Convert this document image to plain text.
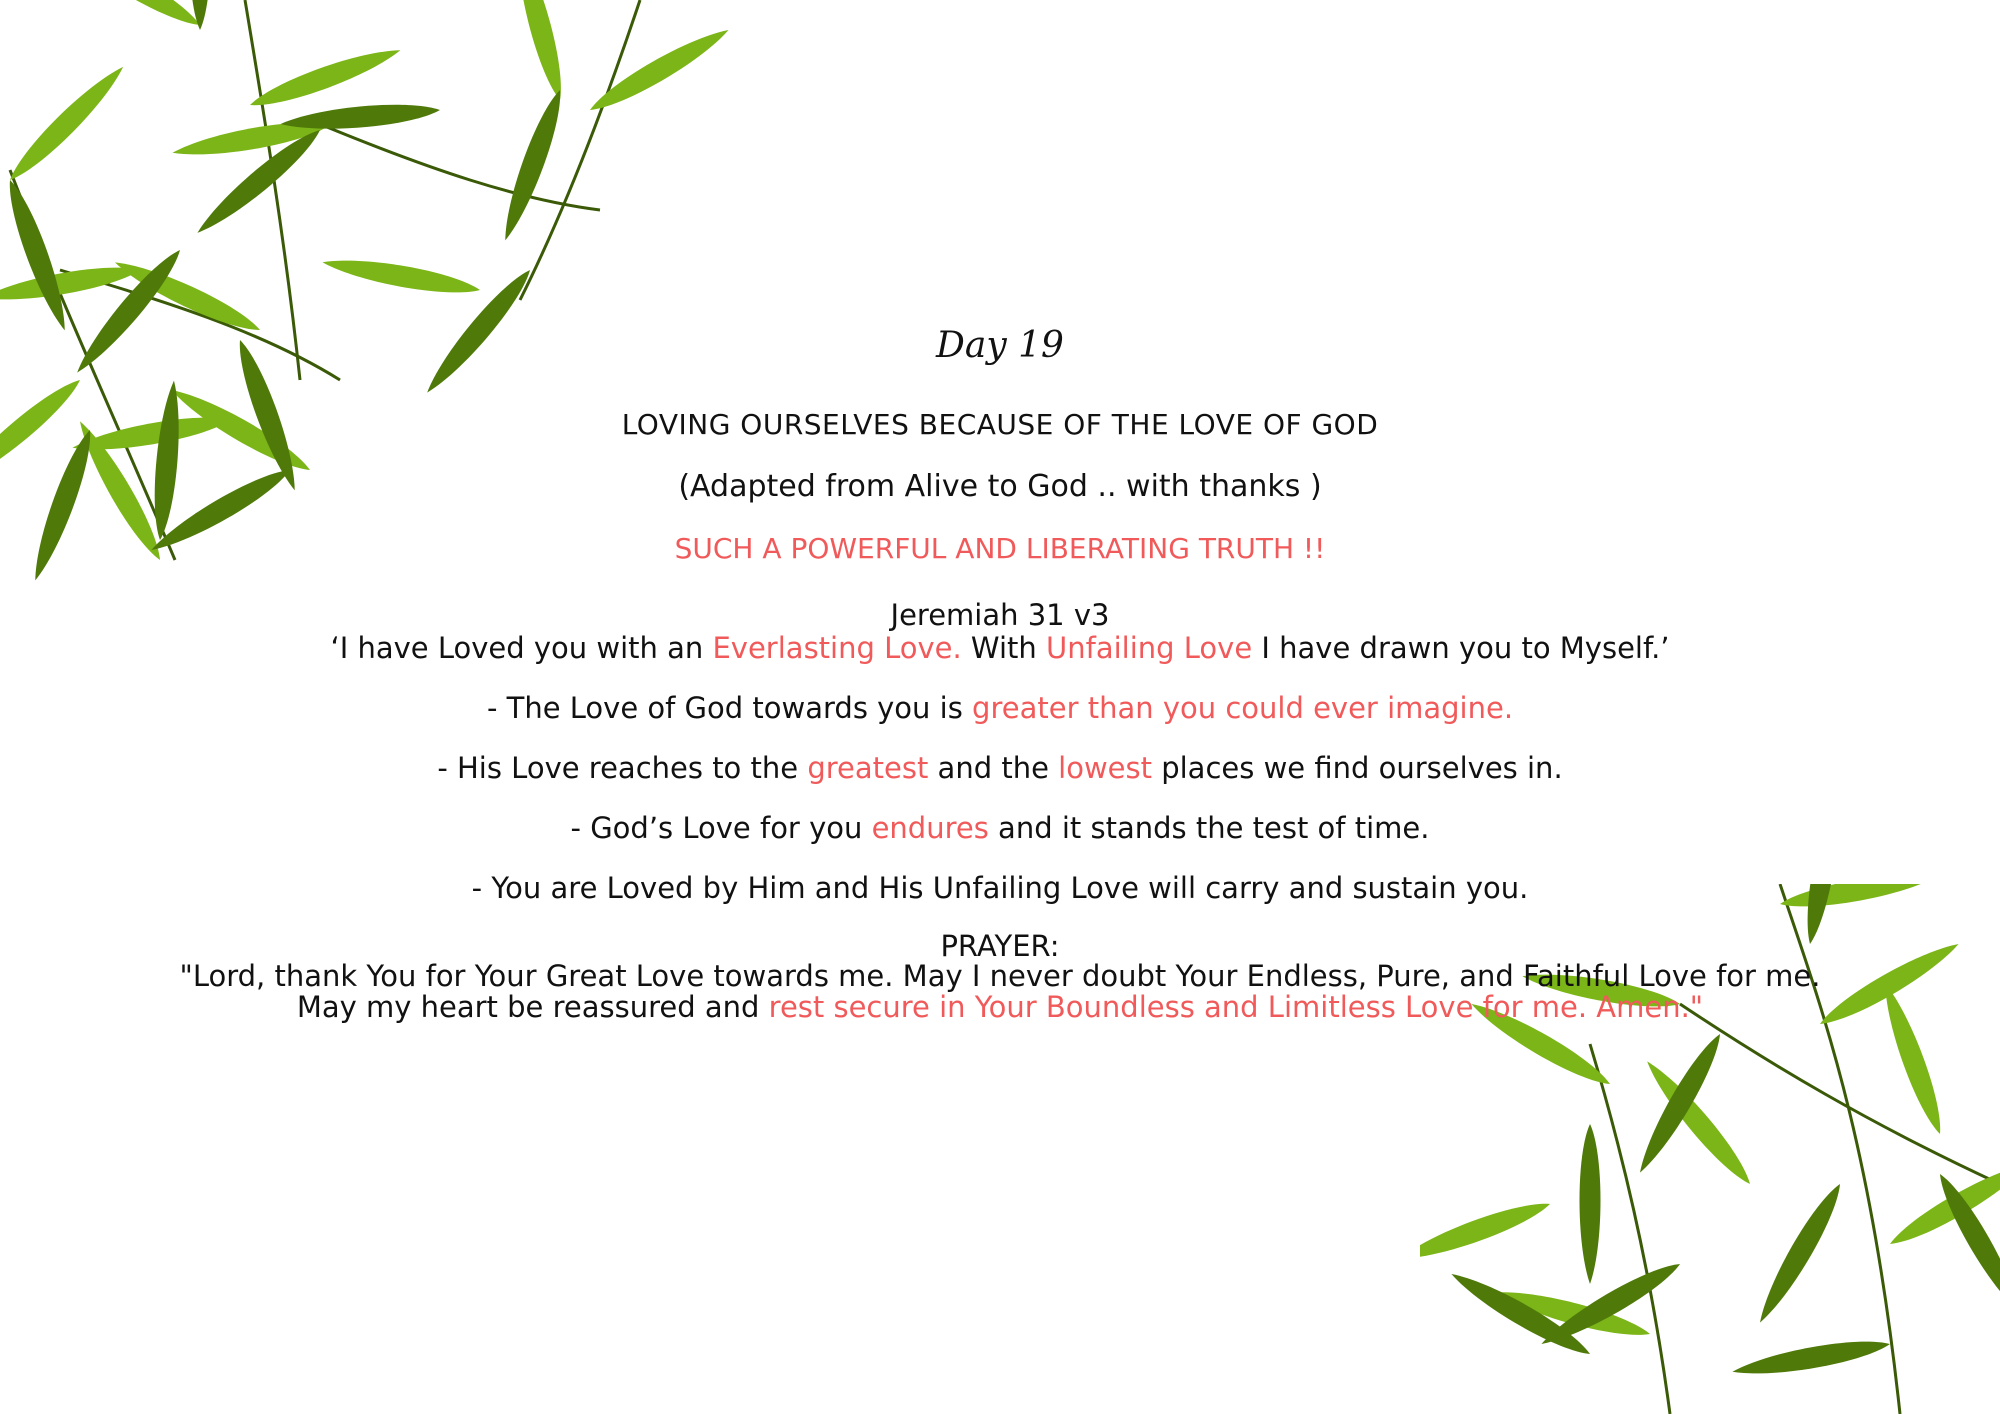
Day 19

LOVING OURSELVES BECAUSE OF THE LOVE OF GOD

(Adapted from Alive to God .. with thanks )

SUCH A POWERFUL AND LIBERATING TRUTH !!

Jeremiah 31 v3

‘I have Loved you with an Everlasting Love. With Unfailing Love I have drawn you to Myself.’

- The Love of God towards you is greater than you could ever imagine.

- His Love reaches to the greatest and the lowest places we find ourselves in.

- God’s Love for you endures and it stands the test of time.

- You are Loved by Him and His Unfailing Love will carry and sustain you.

PRAYER:

"Lord, thank You for Your Great Love towards me. May I never doubt Your Endless, Pure, and Faithful Love for me.

May my heart be reassured and rest secure in Your Boundless and Limitless Love for me. Amen."
